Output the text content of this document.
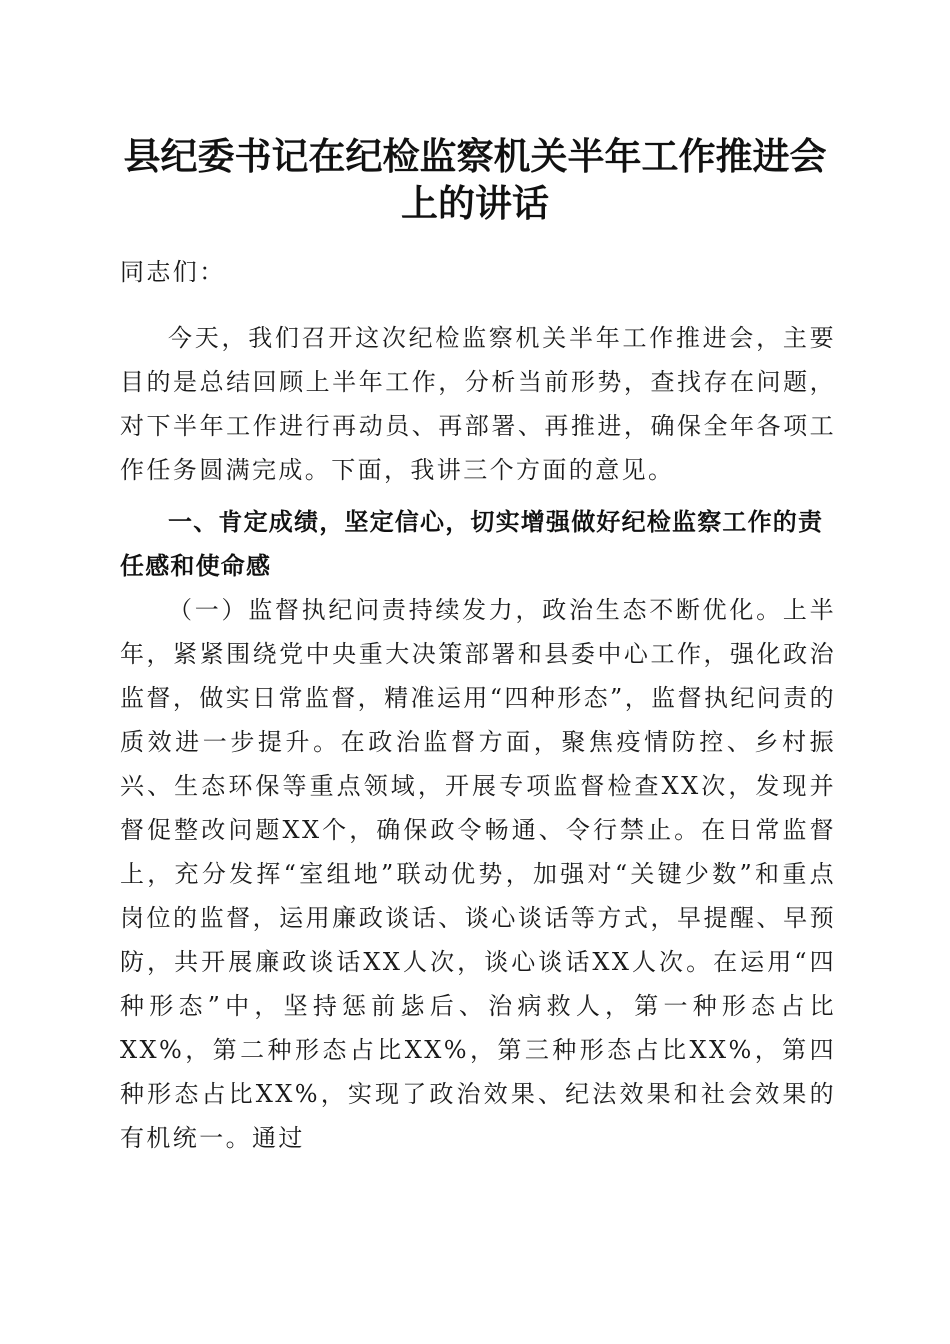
县纪委书记在纪检监察机关半年工作推进会上的讲话
同志们：
今天，我们召开这次纪检监察机关半年工作推进会，主要目的是总结回顾上半年工作，分析当前形势，查找存在问题，对下半年工作进行再动员、再部署、再推进，确保全年各项工作任务圆满完成。下面，我讲三个方面的意见。
一、肯定成绩，坚定信心，切实增强做好纪检监察工作的责任感和使命感
（一）监督执纪问责持续发力，政治生态不断优化。上半年，紧紧围绕党中央重大决策部署和县委中心工作，强化政治监督，做实日常监督，精准运用“四种形态”，监督执纪问责的质效进一步提升。在政治监督方面，聚焦疫情防控、乡村振兴、生态环保等重点领域，开展专项监督检查XX次，发现并督促整改问题XX个，确保政令畅通、令行禁止。在日常监督上，充分发挥“室组地”联动优势，加强对“关键少数”和重点岗位的监督，运用廉政谈话、谈心谈话等方式，早提醒、早预防，共开展廉政谈话XX人次，谈心谈话XX人次。在运用“四种形态”中，坚持惩前毖后、治病救人，第一种形态占比XX%，第二种形态占比XX%，第三种形态占比XX%，第四种形态占比XX%，实现了政治效果、纪法效果和社会效果的有机统一。通过
